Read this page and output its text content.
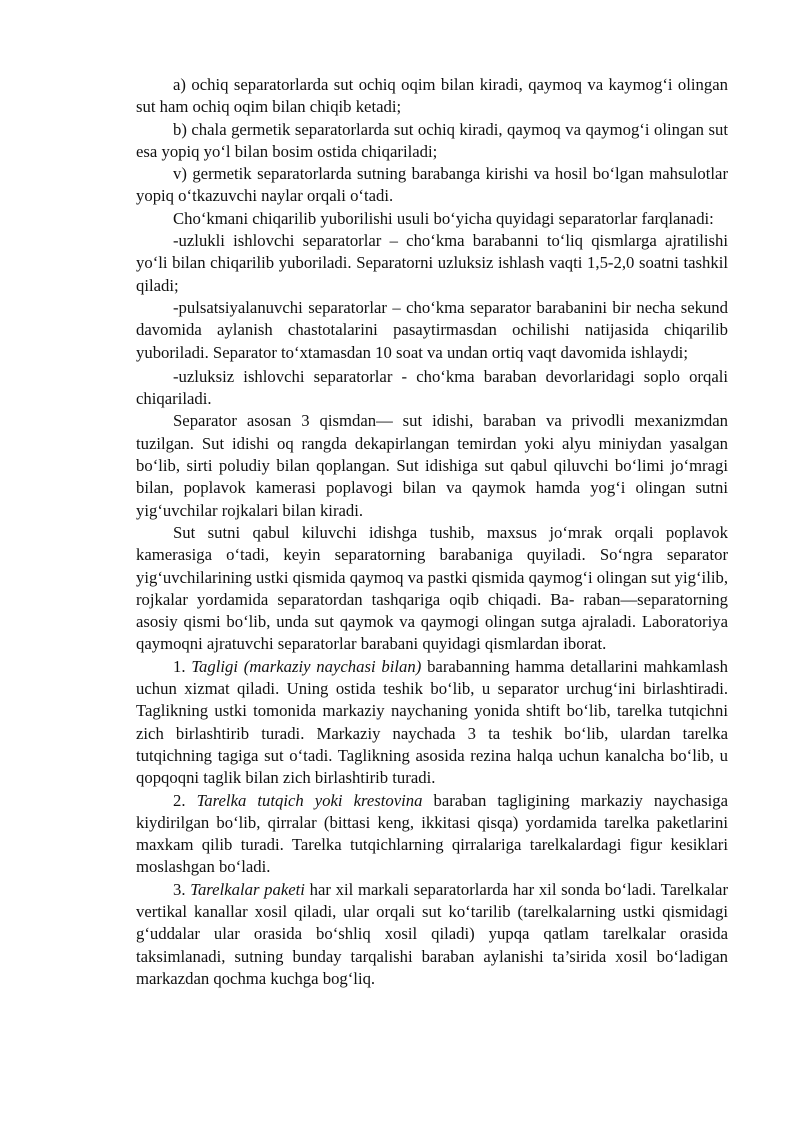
a) ochiq separatorlarda sut ochiq oqim bilan kiradi, qaymoq va kaymog‘i olingan sut ham ochiq oqim bilan chiqib ketadi;

b) chala germetik separatorlarda sut ochiq kiradi, qaymoq va qaymog‘i olingan sut esa yopiq yo‘l bilan bosim ostida chiqariladi;

v) germetik separatorlarda sutning barabanga kirishi va hosil bo‘lgan mahsulotlar yopiq o‘tkazuvchi naylar orqali o‘tadi.

Cho‘kmani chiqarilib yuborilishi usuli bo‘yicha quyidagi separatorlar farqlanadi:

-uzlukli ishlovchi separatorlar – cho‘kma barabanni to‘liq qismlarga ajratilishi yo‘li bilan chiqarilib yuboriladi. Separatorni uzluksiz ishlash vaqti 1,5-2,0 soatni tashkil qiladi;

-pulsatsiyalanuvchi separatorlar – cho‘kma separator barabanini bir necha sekund davomida aylanish chastotalarini pasaytirmasdan ochilishi natijasida chiqarilib yuboriladi. Separator to‘xtamasdan 10 soat va undan ortiq vaqt davomida ishlaydi;

-uzluksiz ishlovchi separatorlar - cho‘kma baraban devorlaridagi soplo orqali chiqariladi.

Separator asosan 3 qismdan— sut idishi, baraban va privodli mexanizmdan tuzilgan. Sut idishi oq rangda dekapirlangan temirdan yoki alyu miniydan yasalgan bo‘lib, sirti poludiy bilan qoplangan. Sut idishiga sut qabul qiluvchi bo‘limi jo‘mragi bilan, poplavok kamerasi poplavogi bilan va qaymok hamda yog‘i olingan sutni yig‘uvchilar rojkalari bilan kiradi.

Sut sutni qabul kiluvchi idishga tushib, maxsus jo‘mrak orqali poplavok kamerasiga o‘tadi, keyin separatorning barabaniga quyiladi. So‘ngra separator yig‘uvchilarining ustki qismida qaymoq va pastki qismida qaymog‘i olingan sut yig‘ilib, rojkalar yordamida separatordan tashqariga oqib chiqadi. Ba- raban—separatorning asosiy qismi bo‘lib, unda sut qaymok va qaymogi olingan sutga ajraladi. Laboratoriya qaymoqni ajratuvchi separatorlar barabani quyidagi qismlardan iborat.

1. Tagligi (markaziy naychasi bilan) barabanning hamma detallarini mahkamlash uchun xizmat qiladi. Uning ostida teshik bo‘lib, u separator urchug‘ini birlashtiradi. Taglikning ustki tomonida markaziy naychaning yonida shtift bo‘lib, tarelka tutqichni zich birlashtirib turadi. Markaziy naychada 3 ta teshik bo‘lib, ulardan tarelka tutqichning tagiga sut o‘tadi. Taglikning asosida rezina halqa uchun kanalcha bo‘lib, u qopqoqni taglik bilan zich birlashtirib turadi.

2. Tarelka tutqich yoki krestovina baraban tagligining markaziy naychasiga kiydirilgan bo‘lib, qirralar (bittasi keng, ikkitasi qisqa) yordamida tarelka paketlarini maxkam qilib turadi. Tarelka tutqichlarning qirralariga tarelkalardagi figur kesiklari moslashgan bo‘ladi.

3. Tarelkalar paketi har xil markali separatorlarda har xil sonda bo‘ladi. Tarelkalar vertikal kanallar xosil qiladi, ular orqali sut ko‘tarilib (tarelkalarning ustki qismidagi g‘uddalar ular orasida bo‘shliq xosil qiladi) yupqa qatlam tarelkalar orasida taksimlanadi, sutning bunday tarqalishi baraban aylanishi ta’sirida xosil bo‘ladigan markazdan qochma kuchga bog‘liq.
